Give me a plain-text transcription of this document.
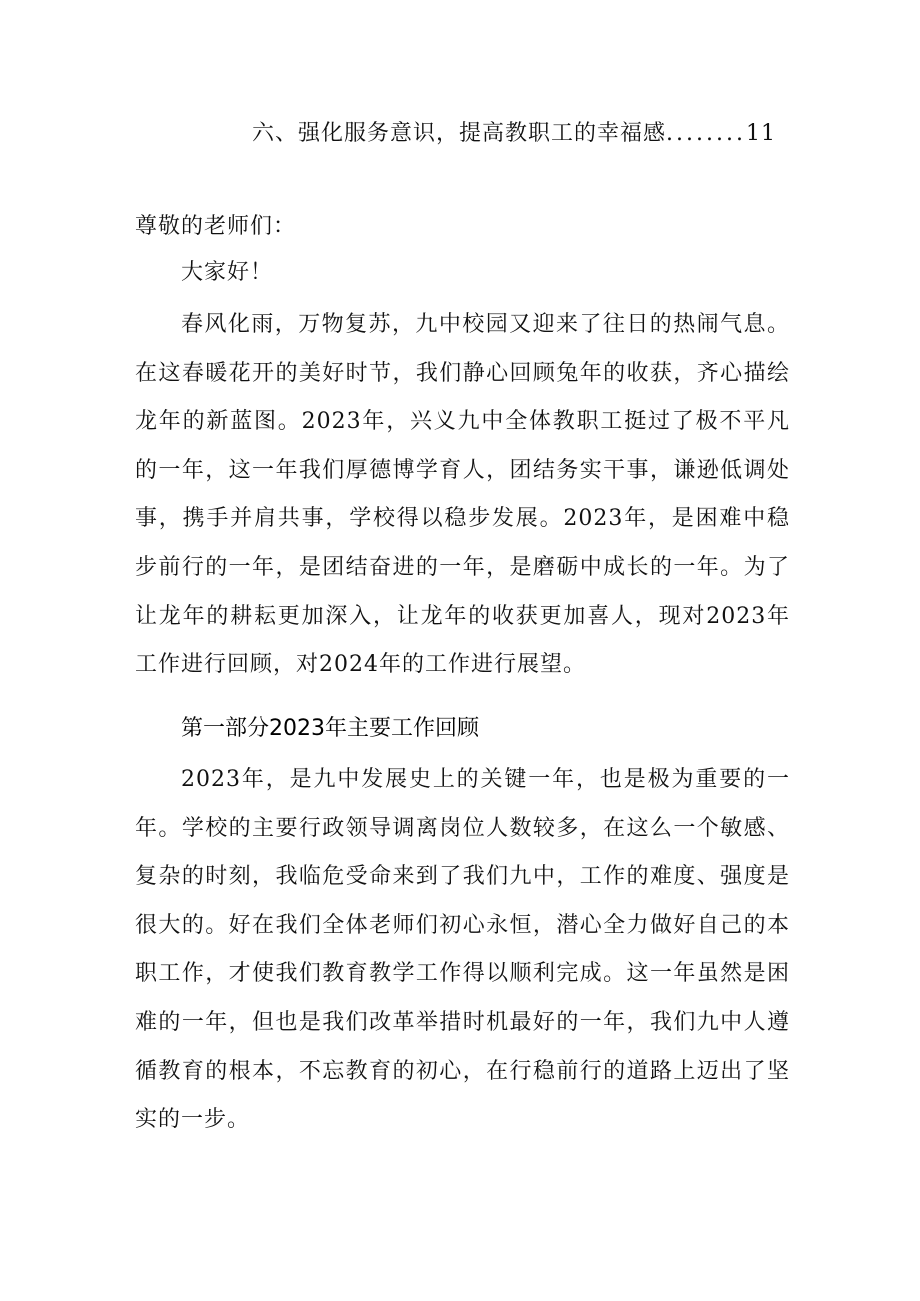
六、强化服务意识，提高教职工的幸福感........11
尊敬的老师们：
大家好！

春风化雨，万物复苏，九中校园又迎来了往日的热闹气息。在这春暖花开的美好时节，我们静心回顾兔年的收获，齐心描绘龙年的新蓝图。2023年，兴义九中全体教职工挺过了极不平凡的一年，这一年我们厚德博学育人，团结务实干事，谦逊低调处事，携手并肩共事，学校得以稳步发展。2023年，是困难中稳步前行的一年，是团结奋进的一年，是磨砺中成长的一年。为了让龙年的耕耘更加深入，让龙年的收获更加喜人，现对2023年工作进行回顾，对2024年的工作进行展望。

第一部分2023年主要工作回顾

2023年，是九中发展史上的关键一年，也是极为重要的一年。学校的主要行政领导调离岗位人数较多，在这么一个敏感、复杂的时刻，我临危受命来到了我们九中，工作的难度、强度是很大的。好在我们全体老师们初心永恒，潜心全力做好自己的本职工作，才使我们教育教学工作得以顺利完成。这一年虽然是困难的一年，但也是我们改革举措时机最好的一年，我们九中人遵循教育的根本，不忘教育的初心，在行稳前行的道路上迈出了坚实的一步。
